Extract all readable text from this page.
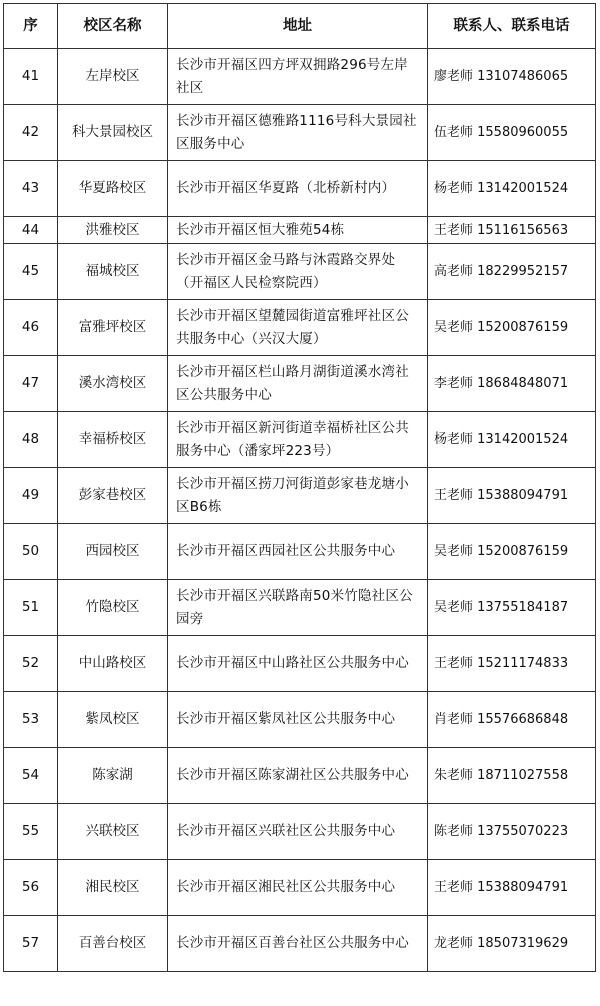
序	校区名称	地址	联系人、联系电话
41	左岸校区	长沙市开福区四方坪双拥路296号左岸社区	廖老师 13107486065
42	科大景园校区	长沙市开福区德雅路1116号科大景园社区服务中心	伍老师 15580960055
43	华夏路校区	长沙市开福区华夏路（北桥新村内）	杨老师 13142001524
44	洪雅校区	长沙市开福区恒大雅苑54栋	王老师 15116156563
45	福城校区	长沙市开福区金马路与沐霞路交界处（开福区人民检察院西）	高老师 18229952157
46	富雅坪校区	长沙市开福区望麓园街道富雅坪社区公共服务中心（兴汉大厦）	吴老师 15200876159
47	溪水湾校区	长沙市开福区栏山路月湖街道溪水湾社区公共服务中心	李老师 18684848071
48	幸福桥校区	长沙市开福区新河街道幸福桥社区公共服务中心（潘家坪223号）	杨老师 13142001524
49	彭家巷校区	长沙市开福区捞刀河街道彭家巷龙塘小区B6栋	王老师 15388094791
50	西园校区	长沙市开福区西园社区公共服务中心	吴老师 15200876159
51	竹隐校区	长沙市开福区兴联路南50米竹隐社区公园旁	吴老师 13755184187
52	中山路校区	长沙市开福区中山路社区公共服务中心	王老师 15211174833
53	紫凤校区	长沙市开福区紫凤社区公共服务中心	肖老师 15576686848
54	陈家湖	长沙市开福区陈家湖社区公共服务中心	朱老师 18711027558
55	兴联校区	长沙市开福区兴联社区公共服务中心	陈老师 13755070223
56	湘民校区	长沙市开福区湘民社区公共服务中心	王老师 15388094791
57	百善台校区	长沙市开福区百善台社区公共服务中心	龙老师 18507319629
